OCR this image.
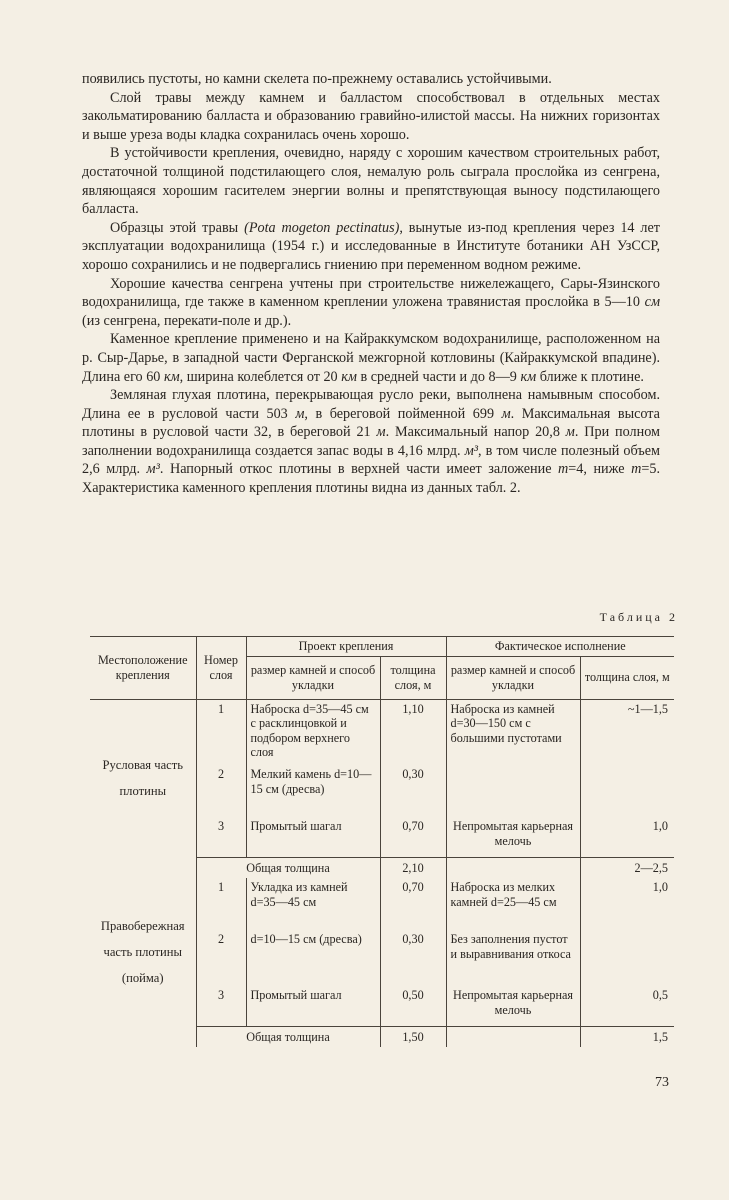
появились пустоты, но камни скелета по-прежнему оставались устойчивыми.

Слой травы между камнем и балластом способствовал в отдельных местах закольматированию балласта и образованию гравийно-илистой массы. На нижних горизонтах и выше уреза воды кладка сохранилась очень хорошо.

В устойчивости крепления, очевидно, наряду с хорошим качеством строительных работ, достаточной толщиной подстилающего слоя, немалую роль сыграла прослойка из сенгрена, являющаяся хорошим гасителем энергии волны и препятствующая выносу подстилающего балласта.

Образцы этой травы (Pota mogeton pectinatus), вынутые из-под крепления через 14 лет эксплуатации водохранилища (1954 г.) и исследованные в Институте ботаники АН УзССР, хорошо сохранились и не подвергались гниению при переменном водном режиме.

Хорошие качества сенгрена учтены при строительстве нижележащего, Сары-Язинского водохранилища, где также в каменном креплении уложена травянистая прослойка в 5—10 см (из сенгрена, перекати-поле и др.).

Каменное крепление применено и на Кайраккумском водохранилище, расположенном на р. Сыр-Дарье, в западной части Ферганской межгорной котловины (Кайраккумской впадине). Длина его 60 км, ширина колеблется от 20 км в средней части и до 8—9 км ближе к плотине.

Земляная глухая плотина, перекрывающая русло реки, выполнена намывным способом. Длина ее в русловой части 503 м, в береговой пойменной 699 м. Максимальная высота плотины в русловой части 32, в береговой 21 м. Максимальный напор 20,8 м. При полном заполнении водохранилища создается запас воды в 4,16 млрд. м³, в том числе полезный объем 2,6 млрд. м³. Напорный откос плотины в верхней части имеет заложение m=4, ниже m=5. Характеристика каменного крепления плотины видна из данных табл. 2.

Таблица 2
Местоположение крепления	Номер слоя	Проект крепления		Фактическое исполнение	
		размер камней и способ укладки	толщина слоя, м	размер камней и способ укладки	толщина слоя, м
Русловая часть плотины	1	Наброска d=35—45 см с расклинцовкой и подбором верхнего слоя	1,10	Наброска из камней d=30—150 см с большими пустотами	~1—1,5
	2	Мелкий камень d=10—15 см (дресва)	0,30		
	3	Промытый шагал	0,70	Непромытая карьерная мелочь	1,0
	Общая толщина		2,10		2—2,5
Правобережная часть плотины (пойма)	1	Укладка из камней d=35—45 см	0,70	Наброска из мелких камней d=25—45 см	1,0
	2	d=10—15 см (дресва)	0,30	Без заполнения пустот и выравнивания откоса	
	3	Промытый шагал	0,50	Непромытая карьерная мелочь	0,5
	Общая толщина		1,50		1,5
73
